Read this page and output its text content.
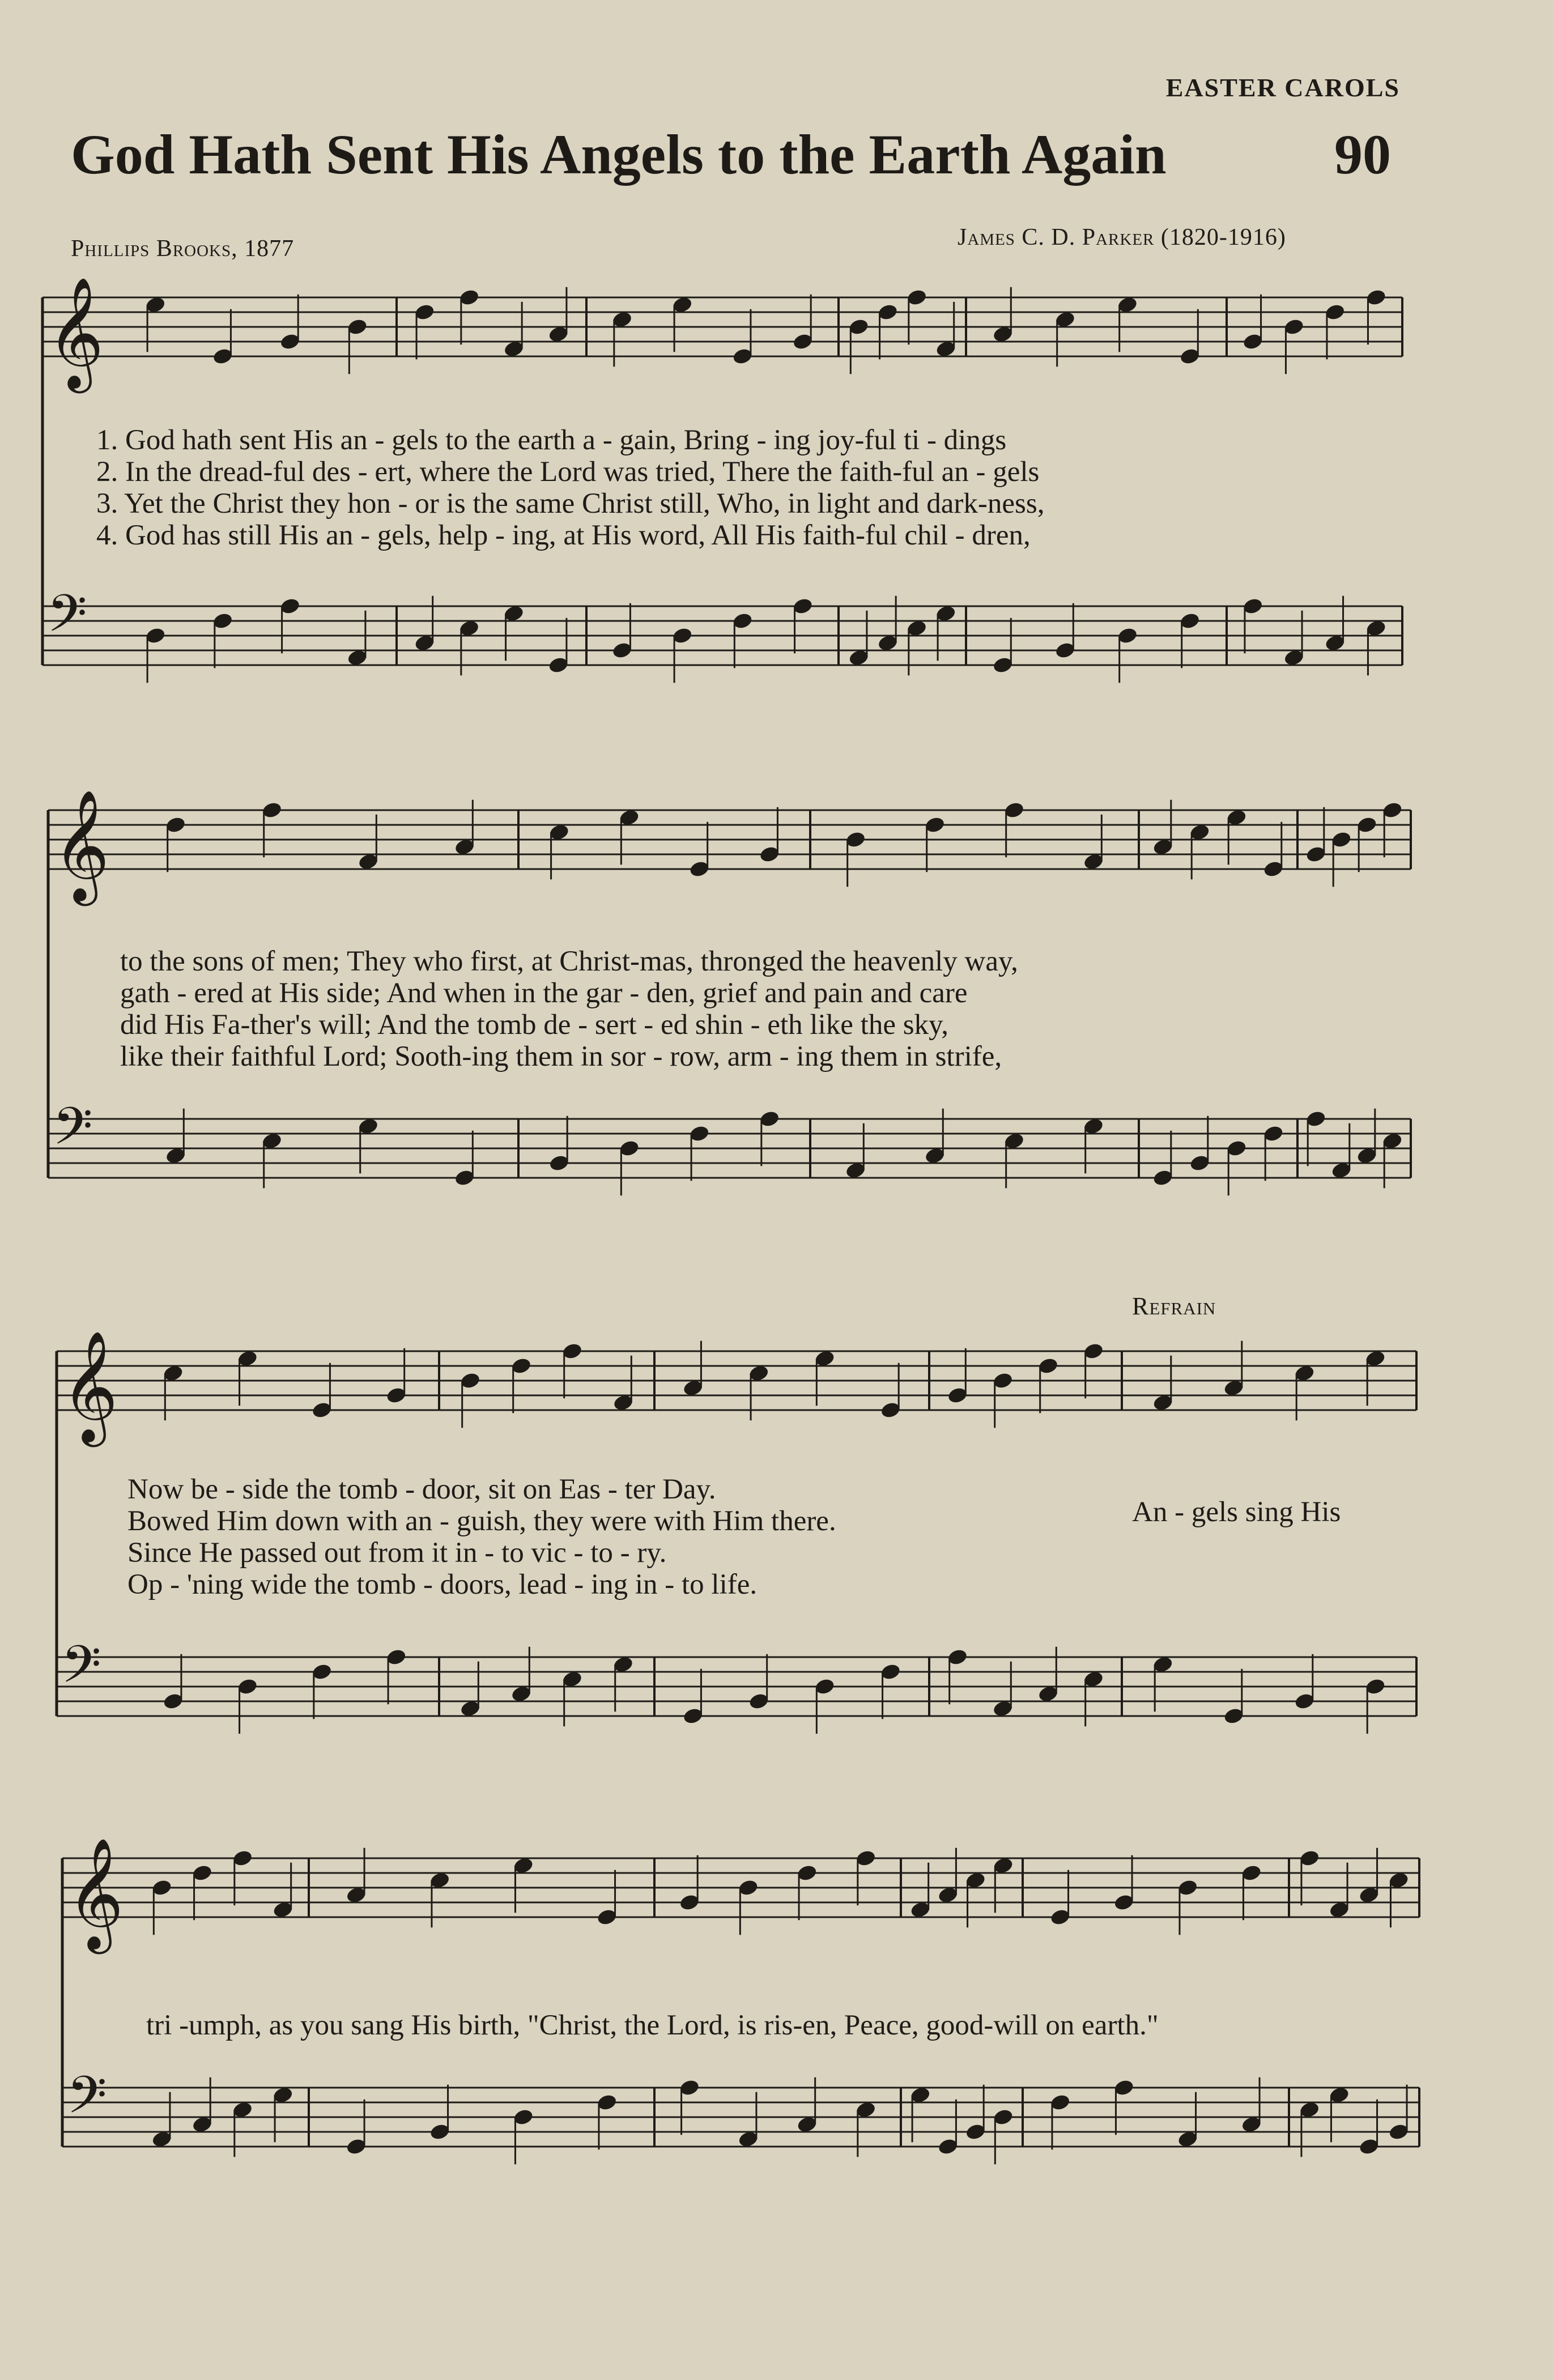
EASTER CAROLS
God Hath Sent His Angels to the Earth Again	90
Phillips Brooks, 1877	James C. D. Parker (1820-1916)
1. God hath sent His an - gels to the earth a - gain, Bring - ing joy-ful ti - dings
2. In the dread-ful des - ert, where the Lord was tried, There the faith-ful an - gels
3. Yet the Christ they hon - or is the same Christ still, Who, in light and dark-ness,
4. God has still His an - gels, help - ing, at His word, All His faith-ful chil - dren,
to the sons of men; They who first, at Christ-mas, thronged the heavenly way,
gath - ered at His side; And when in the gar - den, grief and pain and care
did His Fa-ther's will; And the tomb de - sert - ed shin - eth like the sky,
like their faithful Lord; Sooth-ing them in sor - row, arm - ing them in strife,
Refrain
Now be - side the tomb - door, sit on Eas - ter Day.
Bowed Him down with an - guish, they were with Him there.
Since He passed out from it in - to vic - to - ry.
Op - 'ning wide the tomb - doors, lead - ing in - to life.
An - gels sing His
tri -umph, as you sang His birth, "Christ, the Lord, is ris-en, Peace, good-will on earth."
𝄞
𝄢
𝄞
𝄢
𝄞
𝄢
𝄞
𝄢
